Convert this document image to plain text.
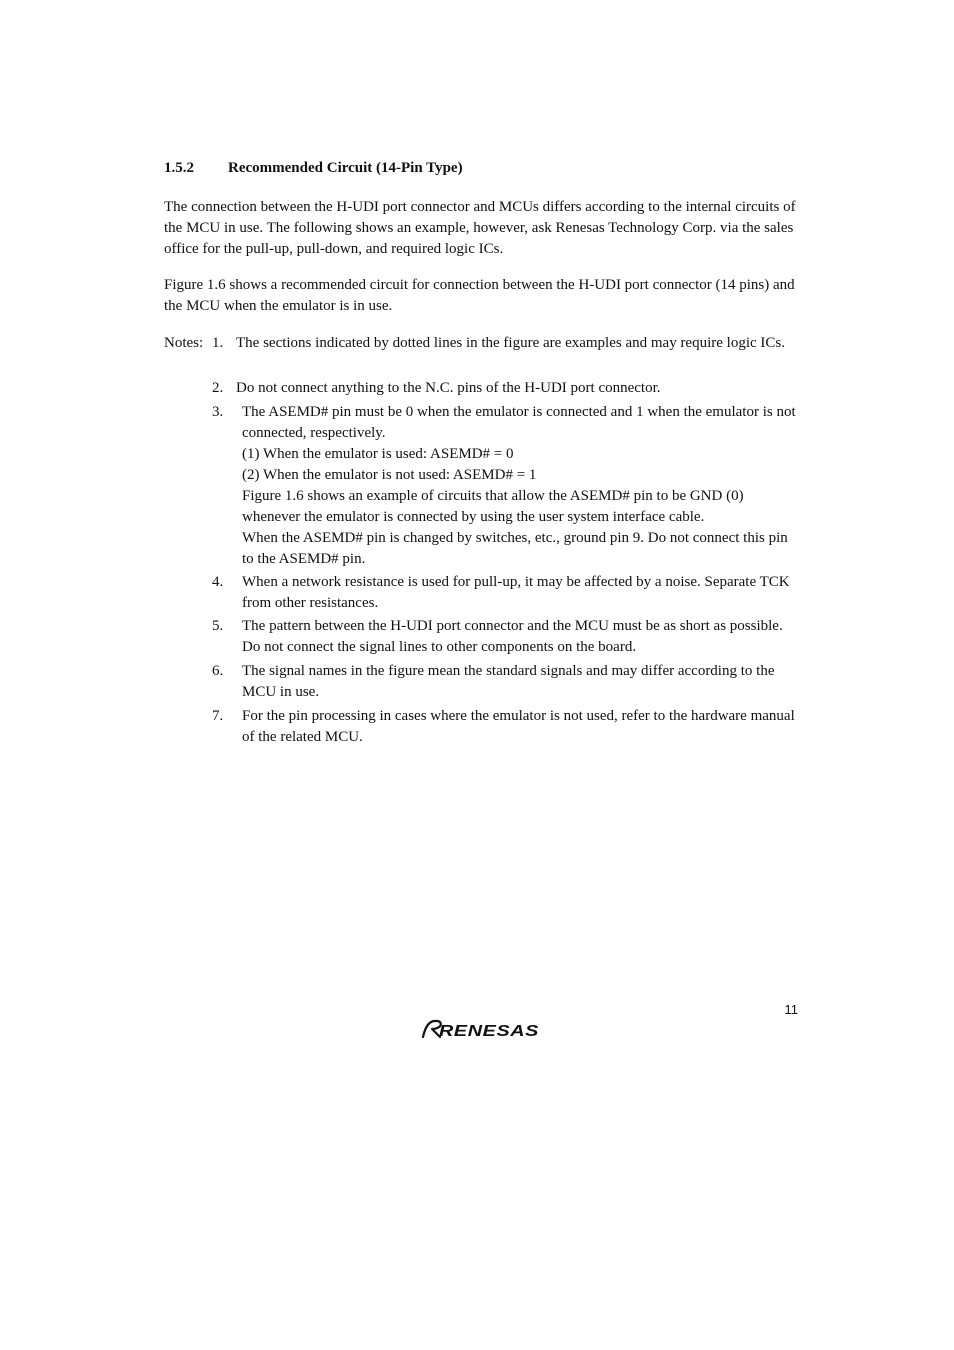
1.5.2 Recommended Circuit (14-Pin Type)
The connection between the H-UDI port connector and MCUs differs according to the internal circuits of the MCU in use. The following shows an example, however, ask Renesas Technology Corp. via the sales office for the pull-up, pull-down, and required logic ICs.
Figure 1.6 shows a recommended circuit for connection between the H-UDI port connector (14 pins) and the MCU when the emulator is in use.
Notes: 1. The sections indicated by dotted lines in the figure are examples and may require logic ICs.
2. Do not connect anything to the N.C. pins of the H-UDI port connector.
3. The ASEMD# pin must be 0 when the emulator is connected and 1 when the emulator is not connected, respectively.
(1) When the emulator is used: ASEMD# = 0
(2) When the emulator is not used: ASEMD# = 1
Figure 1.6 shows an example of circuits that allow the ASEMD# pin to be GND (0) whenever the emulator is connected by using the user system interface cable.
When the ASEMD# pin is changed by switches, etc., ground pin 9. Do not connect this pin to the ASEMD# pin.
4. When a network resistance is used for pull-up, it may be affected by a noise. Separate TCK from other resistances.
5. The pattern between the H-UDI port connector and the MCU must be as short as possible. Do not connect the signal lines to other components on the board.
6. The signal names in the figure mean the standard signals and may differ according to the MCU in use.
7. For the pin processing in cases where the emulator is not used, refer to the hardware manual of the related MCU.
11
RENESAS
